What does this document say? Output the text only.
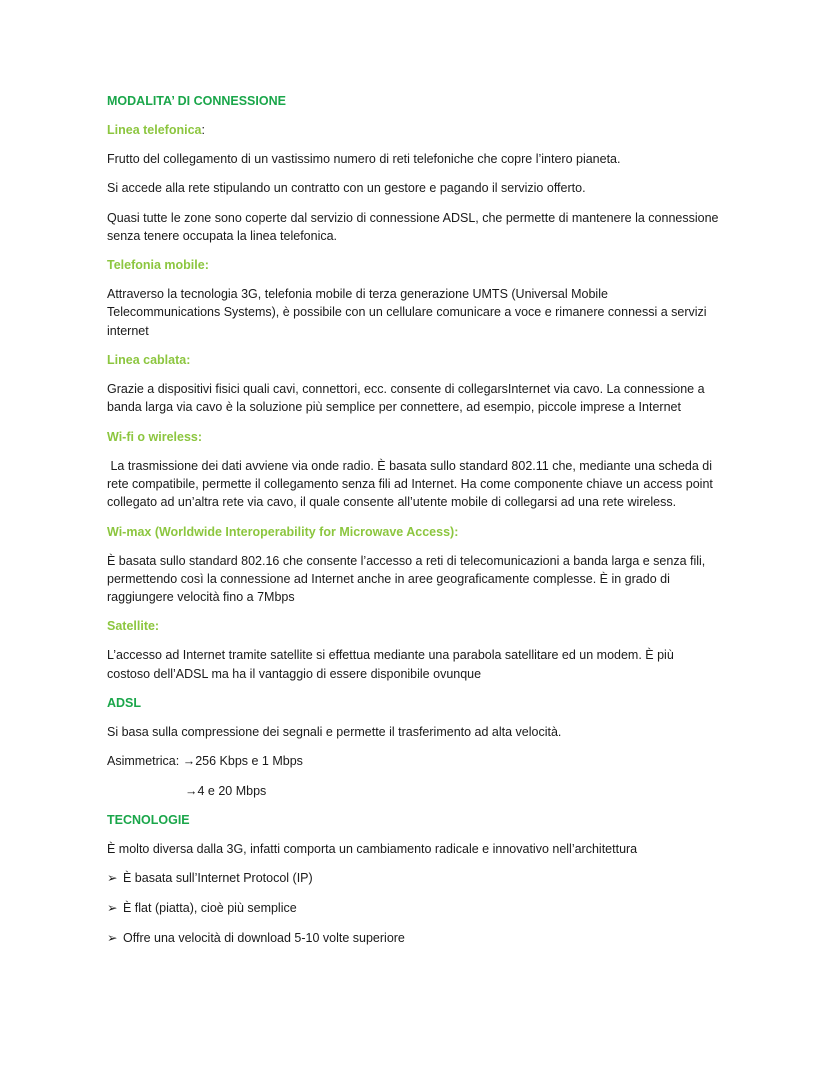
MODALITA’ DI CONNESSIONE
Linea telefonica:

Frutto del collegamento di un vastissimo numero di reti telefoniche che copre l’intero pianeta.

Si accede alla rete stipulando un contratto con un gestore e pagando il servizio offerto.

Quasi tutte le zone sono coperte dal servizio di connessione ADSL, che permette di mantenere la connessione senza tenere occupata la linea telefonica.

Telefonia mobile:

Attraverso la tecnologia 3G, telefonia mobile di terza generazione UMTS (Universal Mobile Telecommunications Systems), è possibile con un cellulare comunicare a voce e rimanere connessi a servizi internet

Linea cablata:

Grazie a dispositivi fisici quali cavi, connettori, ecc. consente di collegarsInternet via cavo. La connessione a banda larga via cavo è la soluzione più semplice per connettere, ad esempio, piccole imprese a Internet

Wi-fi o wireless:

La trasmissione dei dati avviene via onde radio. È basata sullo standard 802.11 che, mediante una scheda di rete compatibile, permette il collegamento senza fili ad Internet. Ha come componente chiave un access point collegato ad un’altra rete via cavo, il quale consente all’utente mobile di collegarsi ad una rete wireless.

Wi-max (Worldwide Interoperability for Microwave Access):

È basata sullo standard 802.16 che consente l’accesso a reti di telecomunicazioni a banda larga e senza fili, permettendo così la connessione ad Internet anche in aree geograficamente complesse. È in grado di raggiungere velocità fino a 7Mbps

Satellite:

L’accesso ad Internet tramite satellite si effettua mediante una parabola satellitare ed un modem. È più costoso dell’ADSL ma ha il vantaggio di essere disponibile ovunque

ADSL

Si basa sulla compressione dei segnali e permette il trasferimento ad alta velocità.

Asimmetrica: →256 Kbps e 1 Mbps

→4 e 20 Mbps

TECNOLOGIE

È molto diversa dalla 3G, infatti comporta un cambiamento radicale e innovativo nell’architettura

➢ È basata sull’Internet Protocol (IP)
➢ È flat (piatta), cioè più semplice
➢ Offre una velocità di download 5-10 volte superiore
